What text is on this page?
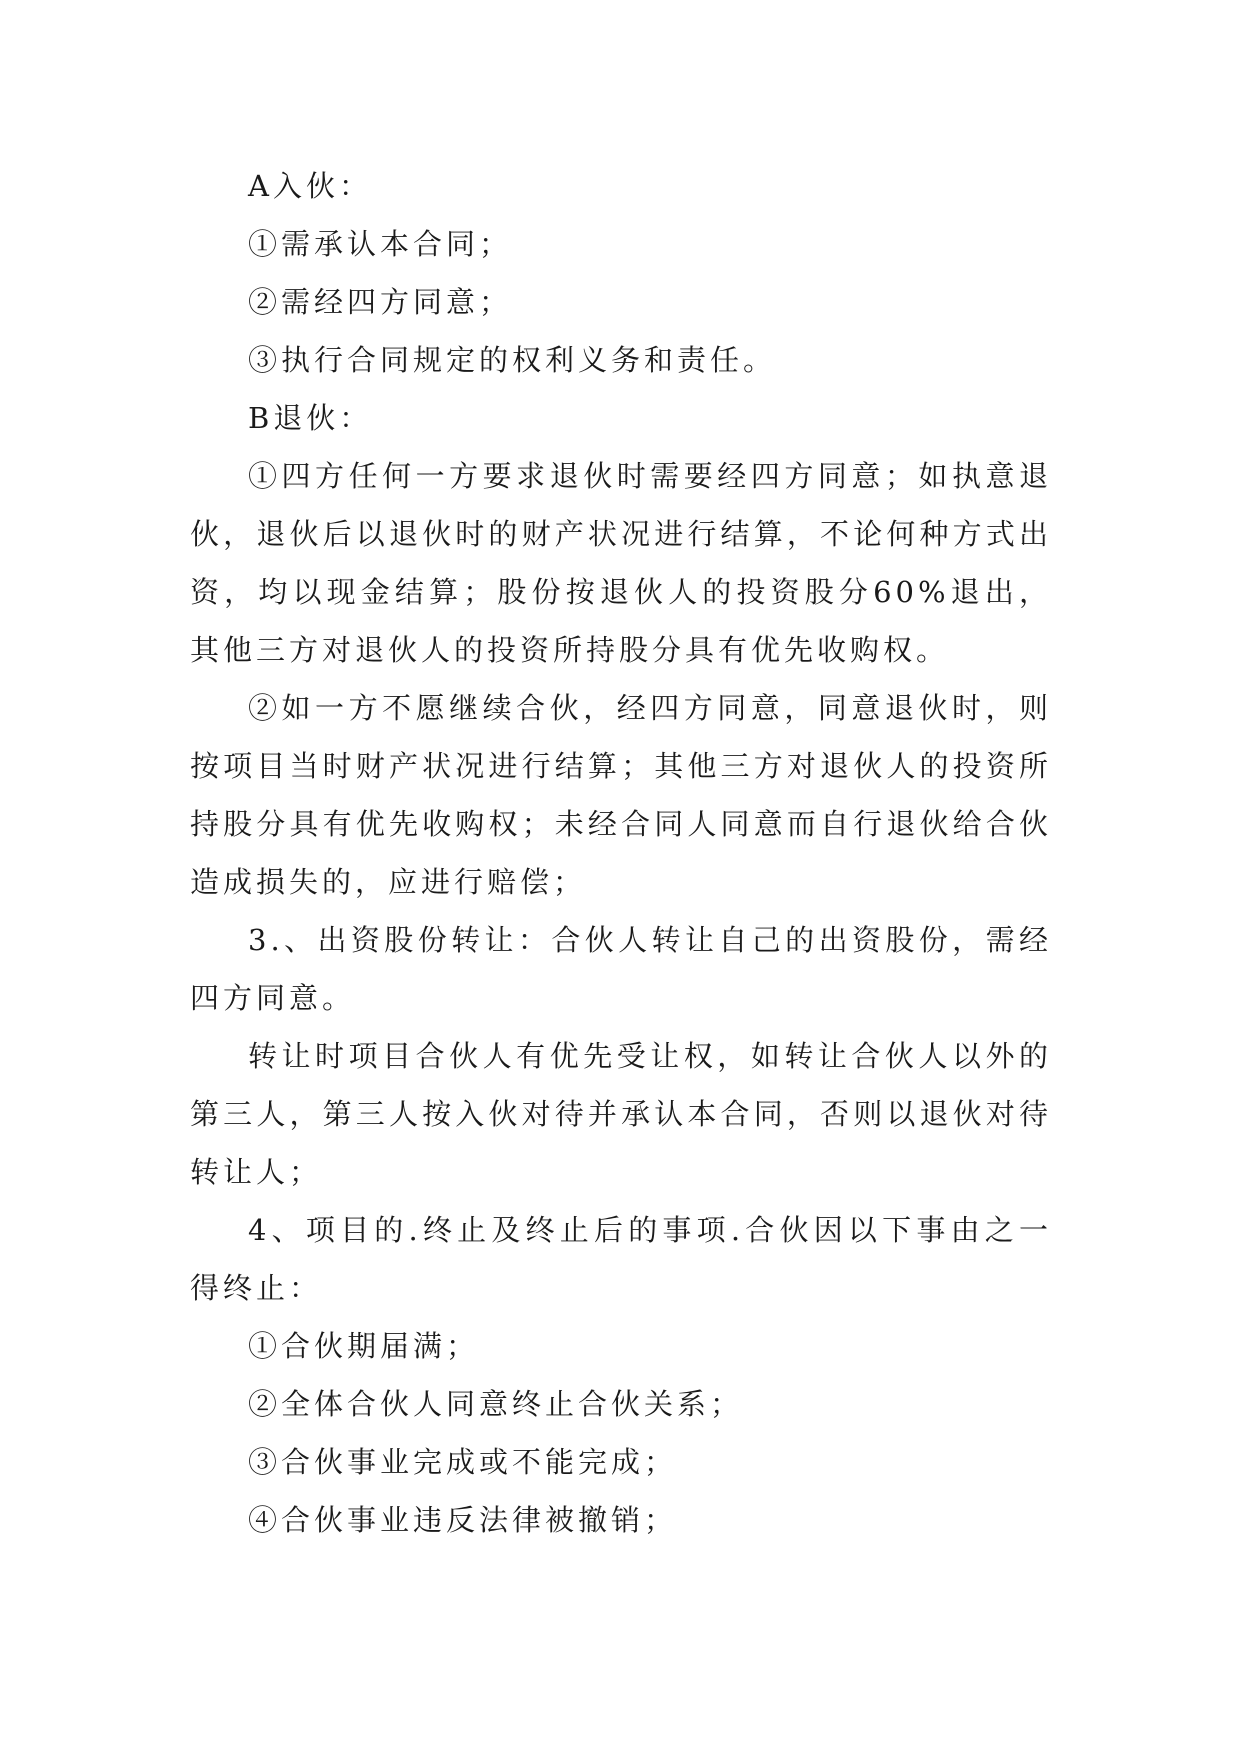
A入伙：

①需承认本合同；

②需经四方同意；

③执行合同规定的权利义务和责任。

B退伙：

①四方任何一方要求退伙时需要经四方同意；如执意退伙，退伙后以退伙时的财产状况进行结算，不论何种方式出资，均以现金结算；股份按退伙人的投资股分60%退出，其他三方对退伙人的投资所持股分具有优先收购权。

②如一方不愿继续合伙，经四方同意，同意退伙时，则按项目当时财产状况进行结算；其他三方对退伙人的投资所持股分具有优先收购权；未经合同人同意而自行退伙给合伙造成损失的，应进行赔偿；

3.、出资股份转让：合伙人转让自己的出资股份，需经四方同意。

转让时项目合伙人有优先受让权，如转让合伙人以外的第三人，第三人按入伙对待并承认本合同，否则以退伙对待转让人；

4、项目的.终止及终止后的事项.合伙因以下事由之一得终止：

①合伙期届满；

②全体合伙人同意终止合伙关系；

③合伙事业完成或不能完成；

④合伙事业违反法律被撤销；
